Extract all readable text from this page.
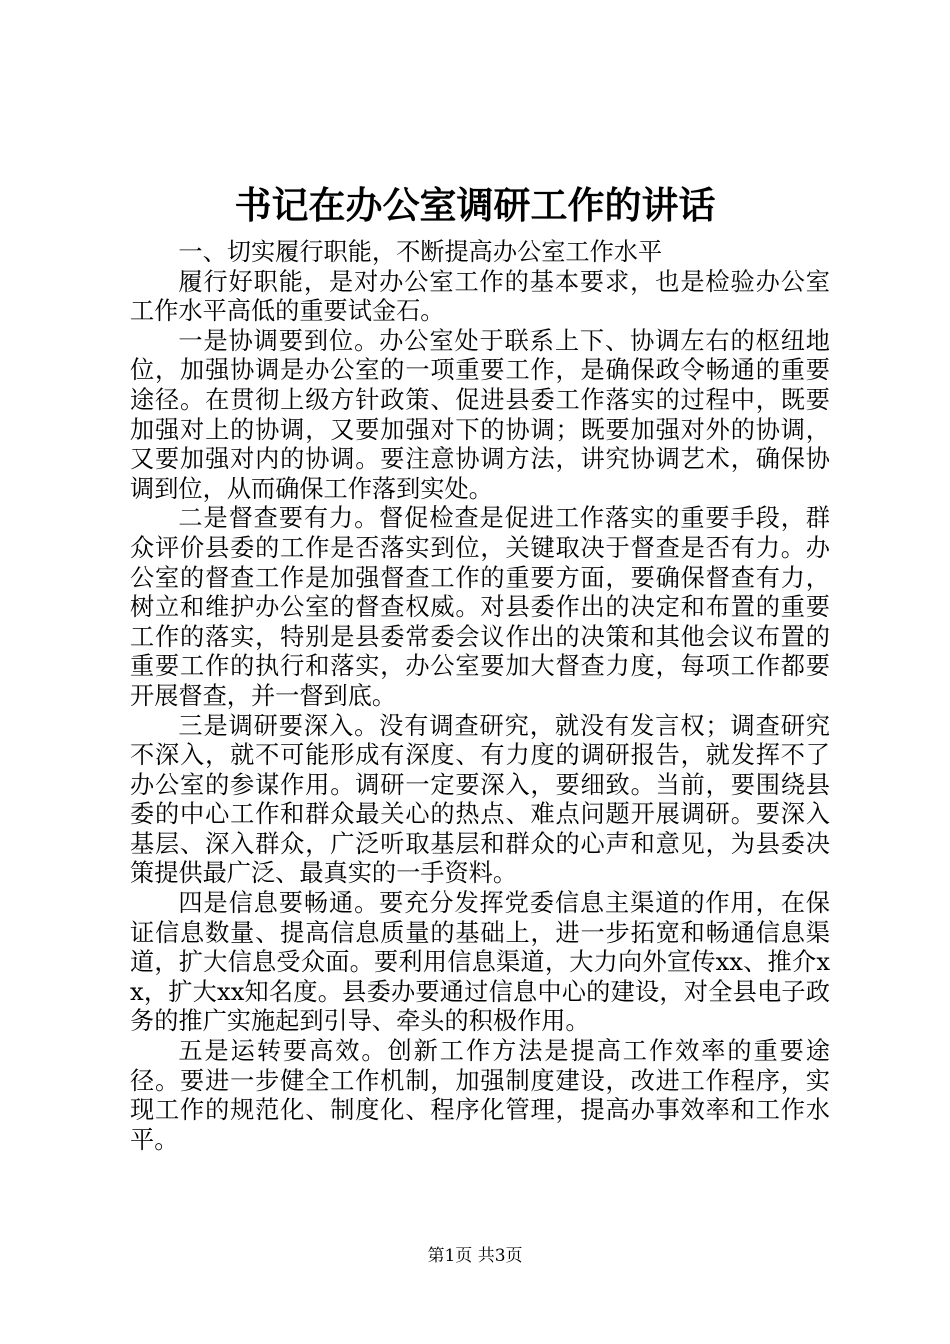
书记在办公室调研工作的讲话

一、切实履行职能，不断提高办公室工作水平

履行好职能，是对办公室工作的基本要求，也是检验办公室工作水平高低的重要试金石。

一是协调要到位。办公室处于联系上下、协调左右的枢纽地位，加强协调是办公室的一项重要工作，是确保政令畅通的重要途径。在贯彻上级方针政策、促进县委工作落实的过程中，既要加强对上的协调，又要加强对下的协调；既要加强对外的协调，又要加强对内的协调。要注意协调方法，讲究协调艺术，确保协调到位，从而确保工作落到实处。

二是督查要有力。督促检查是促进工作落实的重要手段，群众评价县委的工作是否落实到位，关键取决于督查是否有力。办公室的督查工作是加强督查工作的重要方面，要确保督查有力，树立和维护办公室的督查权威。对县委作出的决定和布置的重要工作的落实，特别是县委常委会议作出的决策和其他会议布置的重要工作的执行和落实，办公室要加大督查力度，每项工作都要开展督查，并一督到底。

三是调研要深入。没有调查研究，就没有发言权；调查研究不深入，就不可能形成有深度、有力度的调研报告，就发挥不了办公室的参谋作用。调研一定要深入，要细致。当前，要围绕县委的中心工作和群众最关心的热点、难点问题开展调研。要深入基层、深入群众，广泛听取基层和群众的心声和意见，为县委决策提供最广泛、最真实的一手资料。

四是信息要畅通。要充分发挥党委信息主渠道的作用，在保证信息数量、提高信息质量的基础上，进一步拓宽和畅通信息渠道，扩大信息受众面。要利用信息渠道，大力向外宣传xx、推介xx，扩大xx知名度。县委办要通过信息中心的建设，对全县电子政务的推广实施起到引导、牵头的积极作用。

五是运转要高效。创新工作方法是提高工作效率的重要途径。要进一步健全工作机制，加强制度建设，改进工作程序，实现工作的规范化、制度化、程序化管理，提高办事效率和工作水平。

第1页 共3页
